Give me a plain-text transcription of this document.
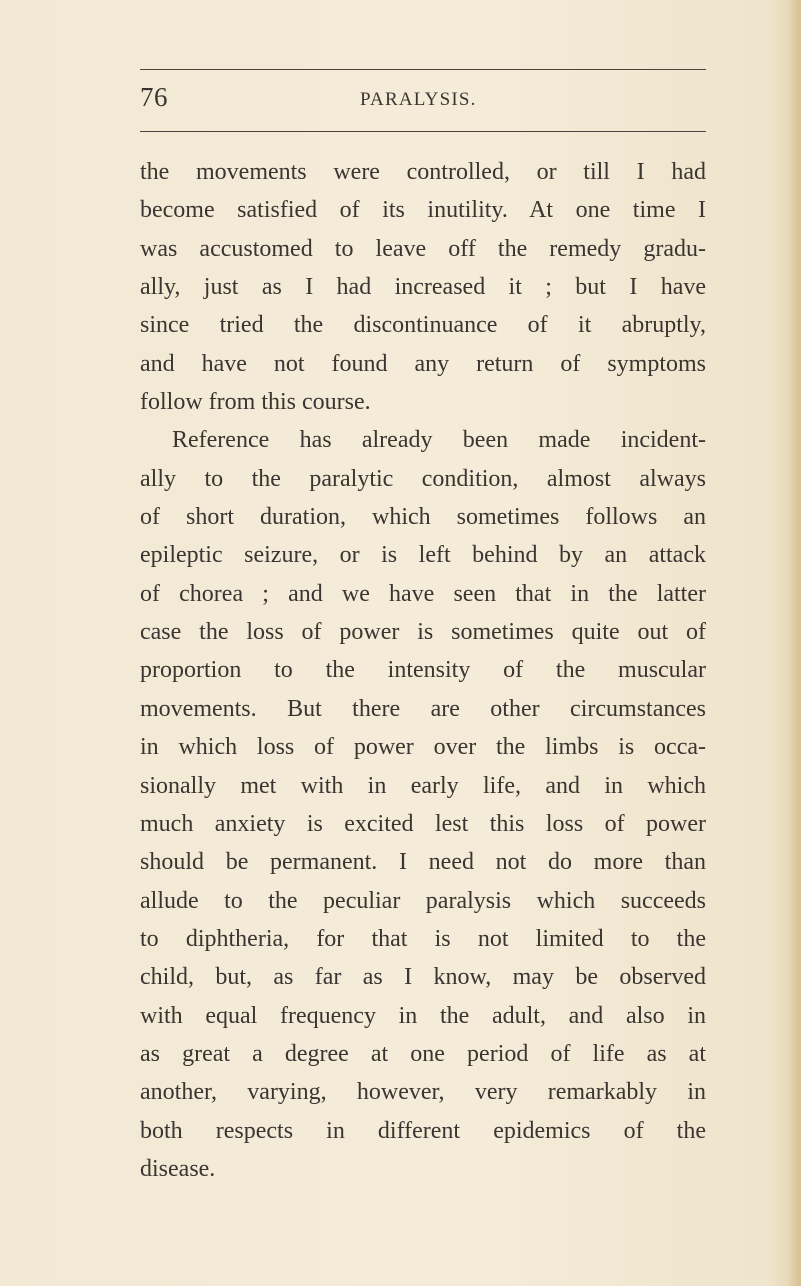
76	PARALYSIS.
the movements were controlled, or till I had
become satisfied of its inutility. At one time I
was accustomed to leave off the remedy gradu-
ally, just as I had increased it ; but I have
since tried the discontinuance of it abruptly,
and have not found any return of symptoms
follow from this course.
Reference has already been made incident-
ally to the paralytic condition, almost always
of short duration, which sometimes follows an
epileptic seizure, or is left behind by an attack
of chorea ; and we have seen that in the latter
case the loss of power is sometimes quite out of
proportion to the intensity of the muscular
movements. But there are other circumstances
in which loss of power over the limbs is occa-
sionally met with in early life, and in which
much anxiety is excited lest this loss of power
should be permanent. I need not do more than
allude to the peculiar paralysis which succeeds
to diphtheria, for that is not limited to the
child, but, as far as I know, may be observed
with equal frequency in the adult, and also in
as great a degree at one period of life as at
another, varying, however, very remarkably in
both respects in different epidemics of the
disease.
